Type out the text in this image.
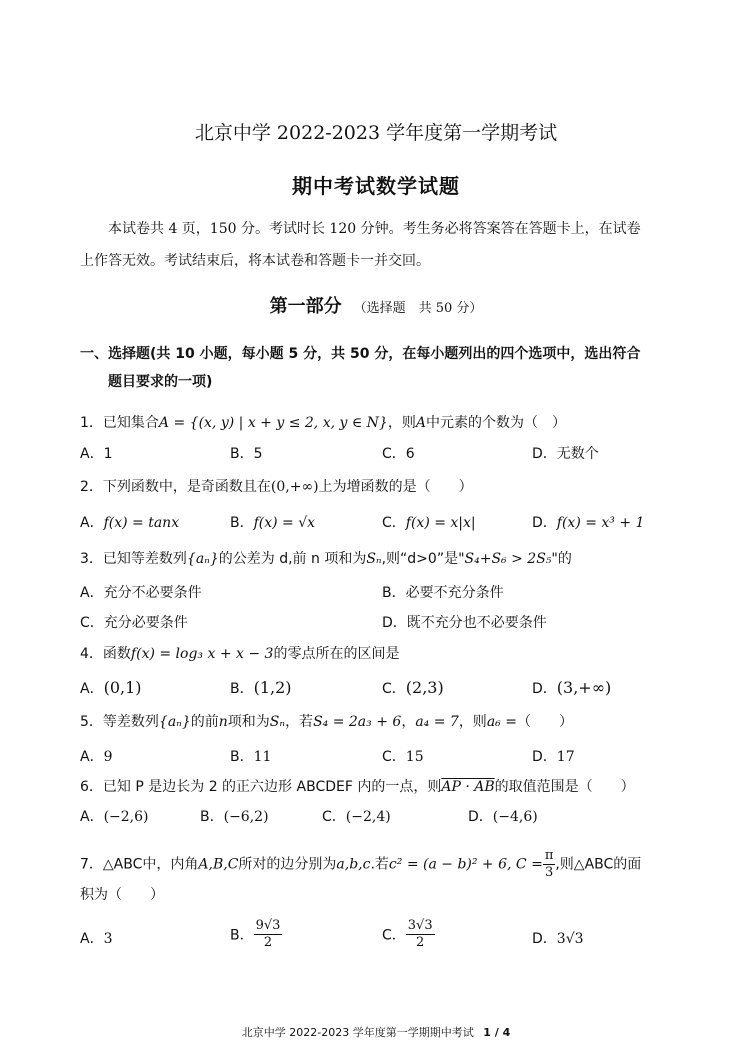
北京中学 2022-2023 学年度第一学期考试
期中考试数学试题
本试卷共 4 页，150 分。考试时长 120 分钟。考生务必将答案答在答题卡上，在试卷
上作答无效。考试结束后，将本试卷和答题卡一并交回。
第一部分 （选择题　共 50 分）
一、选择题(共 10 小题，每小题 5 分，共 50 分，在每小题列出的四个选项中，选出符合
题目要求的一项)
1．已知集合A = {(x, y) | x + y ≤ 2, x, y ∈ N}，则A中元素的个数为（　）
A．1	B．5	C．6	D．无数个
2．下列函数中，是奇函数且在(0,+∞)上为增函数的是（　　）
A．f(x) = tanx	B．f(x) = √x	C．f(x) = x|x|	D．f(x) = x³ + 1
3．已知等差数列{aₙ}的公差为 d,前 n 项和为Sₙ,则“d>0”是"S₄+S₆ > 2S₅"的
A．充分不必要条件	B．必要不充分条件
C．充分必要条件	D．既不充分也不必要条件
4．函数f(x) = log₃ x + x − 3的零点所在的区间是
A．(0,1)	B．(1,2)	C．(2,3)	D．(3,+∞)
5．等差数列{aₙ}的前n项和为Sₙ，若S₄ = 2a₃ + 6，a₄ = 7，则a₆ =（　　）
A．9	B．11	C．15	D．17
6．已知 P 是边长为 2 的正六边形 ABCDEF 内的一点，则AP · AB的取值范围是（　　）
A．(−2,6)	B．(−6,2)	C．(−2,4)	D．(−4,6)
7．△ABC中，内角A,B,C所对的边分别为a,b,c.若c² = (a − b)² + 6, $C = \frac{\pi}{3}$ ,则△ABC的面
积为（　　）
A．3	B． $\frac{9√3}{2}$	C． $\frac{3√3}{2}$	D．3√3
北京中学 2022-2023 学年度第一学期期中考试 1 / 4
